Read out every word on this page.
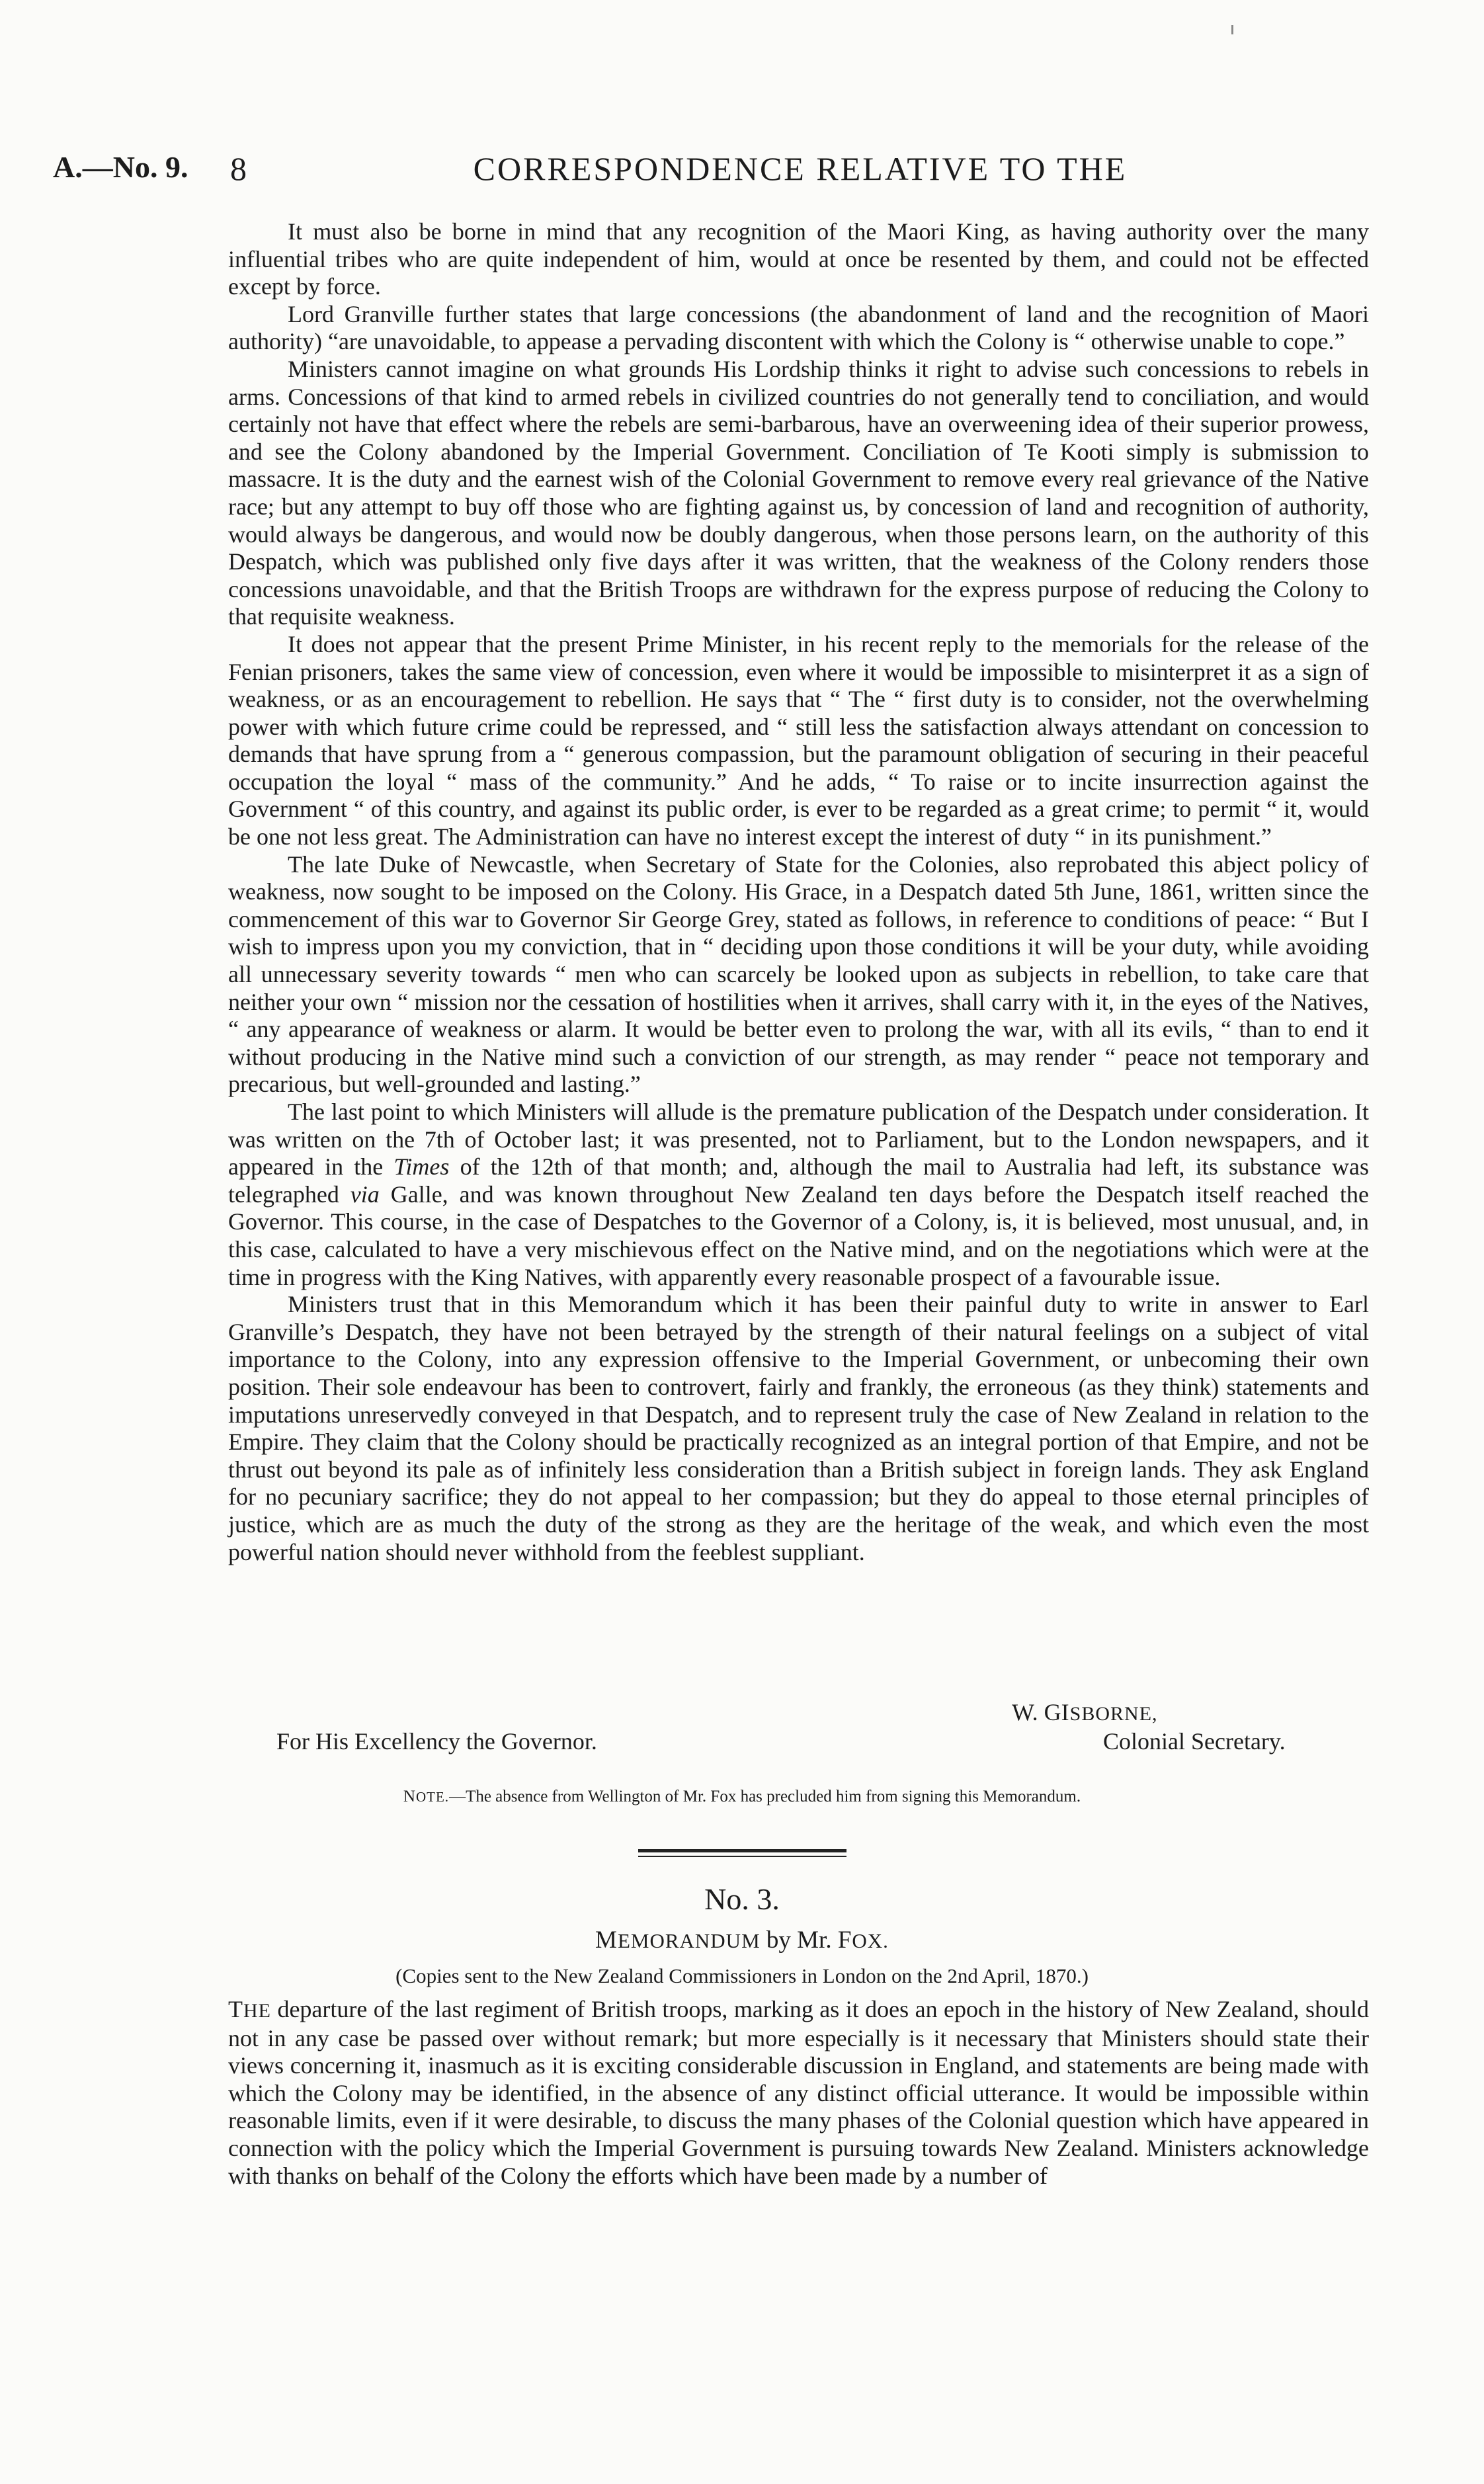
A.—No. 9. 8	CORRESPONDENCE RELATIVE TO THE

It must also be borne in mind that any recognition of the Maori King, as having authority over the many influential tribes who are quite independent of him, would at once be resented by them, and could not be effected except by force.

Lord Granville further states that large concessions (the abandonment of land and the recognition of Maori authority) “are unavoidable, to appease a pervading discontent with which the Colony is “ otherwise unable to cope.”

Ministers cannot imagine on what grounds His Lordship thinks it right to advise such concessions to rebels in arms. Concessions of that kind to armed rebels in civilized countries do not generally tend to conciliation, and would certainly not have that effect where the rebels are semi-barbarous, have an overweening idea of their superior prowess, and see the Colony abandoned by the Imperial Government. Conciliation of Te Kooti simply is submission to massacre. It is the duty and the earnest wish of the Colonial Government to remove every real grievance of the Native race; but any attempt to buy off those who are fighting against us, by concession of land and recognition of authority, would always be dangerous, and would now be doubly dangerous, when those persons learn, on the authority of this Despatch, which was published only five days after it was written, that the weakness of the Colony renders those concessions unavoidable, and that the British Troops are withdrawn for the express purpose of reducing the Colony to that requisite weakness.

It does not appear that the present Prime Minister, in his recent reply to the memorials for the release of the Fenian prisoners, takes the same view of concession, even where it would be impossible to misinterpret it as a sign of weakness, or as an encouragement to rebellion. He says that “ The “ first duty is to consider, not the overwhelming power with which future crime could be repressed, and “ still less the satisfaction always attendant on concession to demands that have sprung from a “ generous compassion, but the paramount obligation of securing in their peaceful occupation the loyal “ mass of the community.” And he adds, “ To raise or to incite insurrection against the Government “ of this country, and against its public order, is ever to be regarded as a great crime; to permit “ it, would be one not less great. The Administration can have no interest except the interest of duty “ in its punishment.”

The late Duke of Newcastle, when Secretary of State for the Colonies, also reprobated this abject policy of weakness, now sought to be imposed on the Colony. His Grace, in a Despatch dated 5th June, 1861, written since the commencement of this war to Governor Sir George Grey, stated as follows, in reference to conditions of peace: “ But I wish to impress upon you my conviction, that in “ deciding upon those conditions it will be your duty, while avoiding all unnecessary severity towards “ men who can scarcely be looked upon as subjects in rebellion, to take care that neither your own “ mission nor the cessation of hostilities when it arrives, shall carry with it, in the eyes of the Natives, “ any appearance of weakness or alarm. It would be better even to prolong the war, with all its evils, “ than to end it without producing in the Native mind such a conviction of our strength, as may render “ peace not temporary and precarious, but well-grounded and lasting.”

The last point to which Ministers will allude is the premature publication of the Despatch under consideration. It was written on the 7th of October last; it was presented, not to Parliament, but to the London newspapers, and it appeared in the Times of the 12th of that month; and, although the mail to Australia had left, its substance was telegraphed via Galle, and was known throughout New Zealand ten days before the Despatch itself reached the Governor. This course, in the case of Despatches to the Governor of a Colony, is, it is believed, most unusual, and, in this case, calculated to have a very mischievous effect on the Native mind, and on the negotiations which were at the time in progress with the King Natives, with apparently every reasonable prospect of a favourable issue.

Ministers trust that in this Memorandum which it has been their painful duty to write in answer to Earl Granville’s Despatch, they have not been betrayed by the strength of their natural feelings on a subject of vital importance to the Colony, into any expression offensive to the Imperial Government, or unbecoming their own position. Their sole endeavour has been to controvert, fairly and frankly, the erroneous (as they think) statements and imputations unreservedly conveyed in that Despatch, and to represent truly the case of New Zealand in relation to the Empire. They claim that the Colony should be practically recognized as an integral portion of that Empire, and not be thrust out beyond its pale as of infinitely less consideration than a British subject in foreign lands. They ask England for no pecuniary sacrifice; they do not appeal to her compassion; but they do appeal to those eternal principles of justice, which are as much the duty of the strong as they are the heritage of the weak, and which even the most powerful nation should never withhold from the feeblest suppliant.

W. GISBORNE,
For His Excellency the Governor.	Colonial Secretary.
NOTE.—The absence from Wellington of Mr. Fox has precluded him from signing this Memorandum.
No. 3.
MEMORANDUM by Mr. FOX.
(Copies sent to the New Zealand Commissioners in London on the 2nd April, 1870.)

THE departure of the last regiment of British troops, marking as it does an epoch in the history of New Zealand, should not in any case be passed over without remark; but more especially is it necessary that Ministers should state their views concerning it, inasmuch as it is exciting considerable discussion in England, and statements are being made with which the Colony may be identified, in the absence of any distinct official utterance. It would be impossible within reasonable limits, even if it were desirable, to discuss the many phases of the Colonial question which have appeared in connection with the policy which the Imperial Government is pursuing towards New Zealand. Ministers acknowledge with thanks on behalf of the Colony the efforts which have been made by a number of
